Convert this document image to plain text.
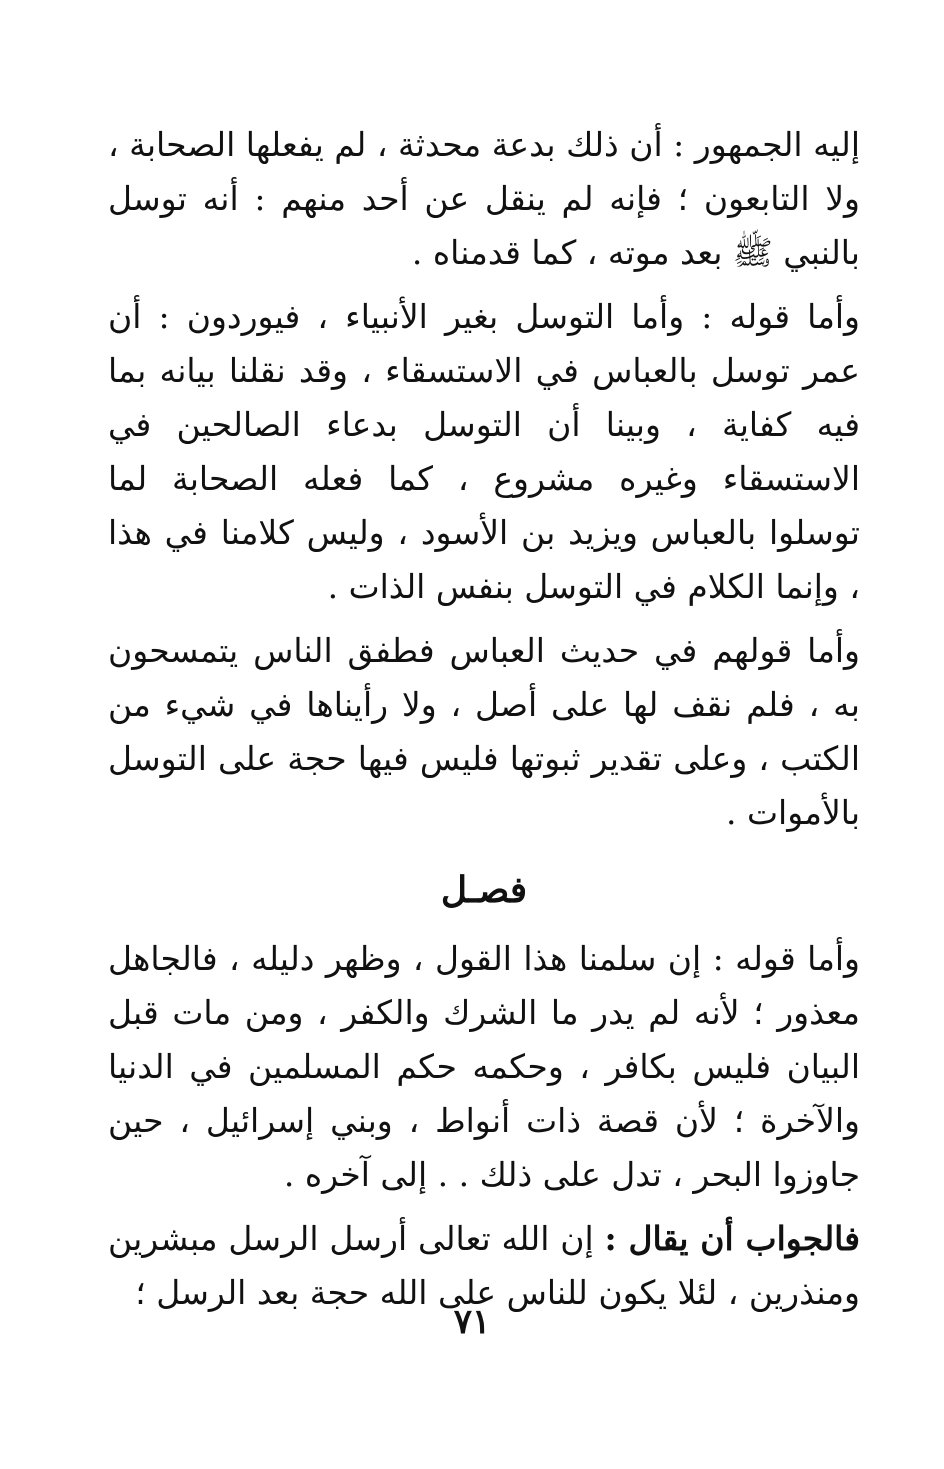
إليه الجمهور : أن ذلك بدعة محدثة ، لم يفعلها الصحابة ، ولا التابعون ؛ فإنه لم ينقل عن أحد منهم : أنه توسل بالنبي ﷺ بعد موته ، كما قدمناه .

وأما قوله : وأما التوسل بغير الأنبياء ، فيوردون : أن عمر توسل بالعباس في الاستسقاء ، وقد نقلنا بيانه بما فيه كفاية ، وبينا أن التوسل بدعاء الصالحين في الاستسقاء وغيره مشروع ، كما فعله الصحابة لما توسلوا بالعباس ويزيد بن الأسود ، وليس كلامنا في هذا ، وإنما الكلام في التوسل بنفس الذات .

وأما قولهم في حديث العباس فطفق الناس يتمسحون به ، فلم نقف لها على أصل ، ولا رأيناها في شيء من الكتب ، وعلى تقدير ثبوتها فليس فيها حجة على التوسل بالأموات .

فصـل

وأما قوله : إن سلمنا هذا القول ، وظهر دليله ، فالجاهل معذور ؛ لأنه لم يدر ما الشرك والكفر ، ومن مات قبل البيان فليس بكافر ، وحكمه حكم المسلمين في الدنيا والآخرة ؛ لأن قصة ذات أنواط ، وبني إسرائيل ، حين جاوزوا البحر ، تدل على ذلك . . إلى آخره .

فالجواب أن يقال : إن الله تعالى أرسل الرسل مبشرين ومنذرين ، لئلا يكون للناس على الله حجة بعد الرسل ؛

٧١
